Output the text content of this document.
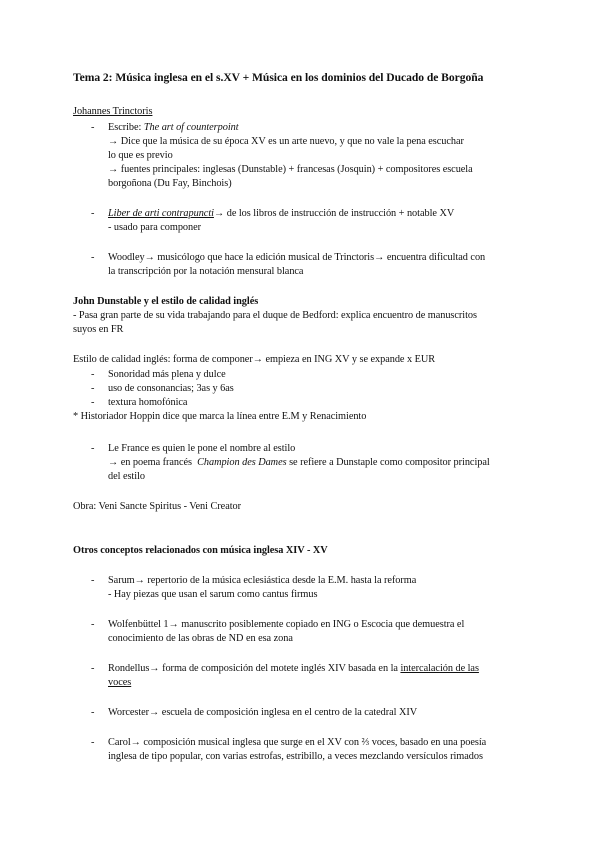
Tema 2: Música inglesa en el s.XV + Música en los dominios del Ducado de Borgoña
Johannes Trinctoris
- Escribe: The art of counterpoint
→ Dice que la música de su época XV es un arte nuevo, y que no vale la pena escuchar
lo que es previo
→ fuentes principales: inglesas (Dunstable) + francesas (Josquin) + compositores escuela
borgoñona (Du Fay, Binchois)
- Liber de arti contrapuncti→ de los libros de instrucción de instrucción + notable XV
- usado para componer
- Woodley→ musicólogo que hace la edición musical de Trinctoris→ encuentra dificultad con
la transcripción por la notación mensural blanca
John Dunstable y el estilo de calidad inglés
- Pasa gran parte de su vida trabajando para el duque de Bedford: explica encuentro de manuscritos
suyos en FR
Estilo de calidad inglés: forma de componer→ empieza en ING XV y se expande x EUR
- Sonoridad más plena y dulce
- uso de consonancias; 3as y 6as
- textura homofónica
* Historiador Hoppin dice que marca la línea entre E.M y Renacimiento
- Le France es quien le pone el nombre al estilo
→ en poema francés  Champion des Dames se refiere a Dunstaple como compositor principal
del estilo
Obra: Veni Sancte Spiritus - Veni Creator
Otros conceptos relacionados con música inglesa XIV - XV
- Sarum→ repertorio de la música eclesiástica desde la E.M. hasta la reforma
- Hay piezas que usan el sarum como cantus firmus
- Wolfenbüttel 1→ manuscrito posiblemente copiado en ING o Escocia que demuestra el
conocimiento de las obras de ND en esa zona
- Rondellus→ forma de composición del motete inglés XIV basada en la intercalación de las
voces
- Worcester→ escuela de composición inglesa en el centro de la catedral XIV
- Carol→ composición musical inglesa que surge en el XV con ⅔ voces, basado en una poesía
inglesa de tipo popular, con varias estrofas, estribillo, a veces mezclando versículos rimados
